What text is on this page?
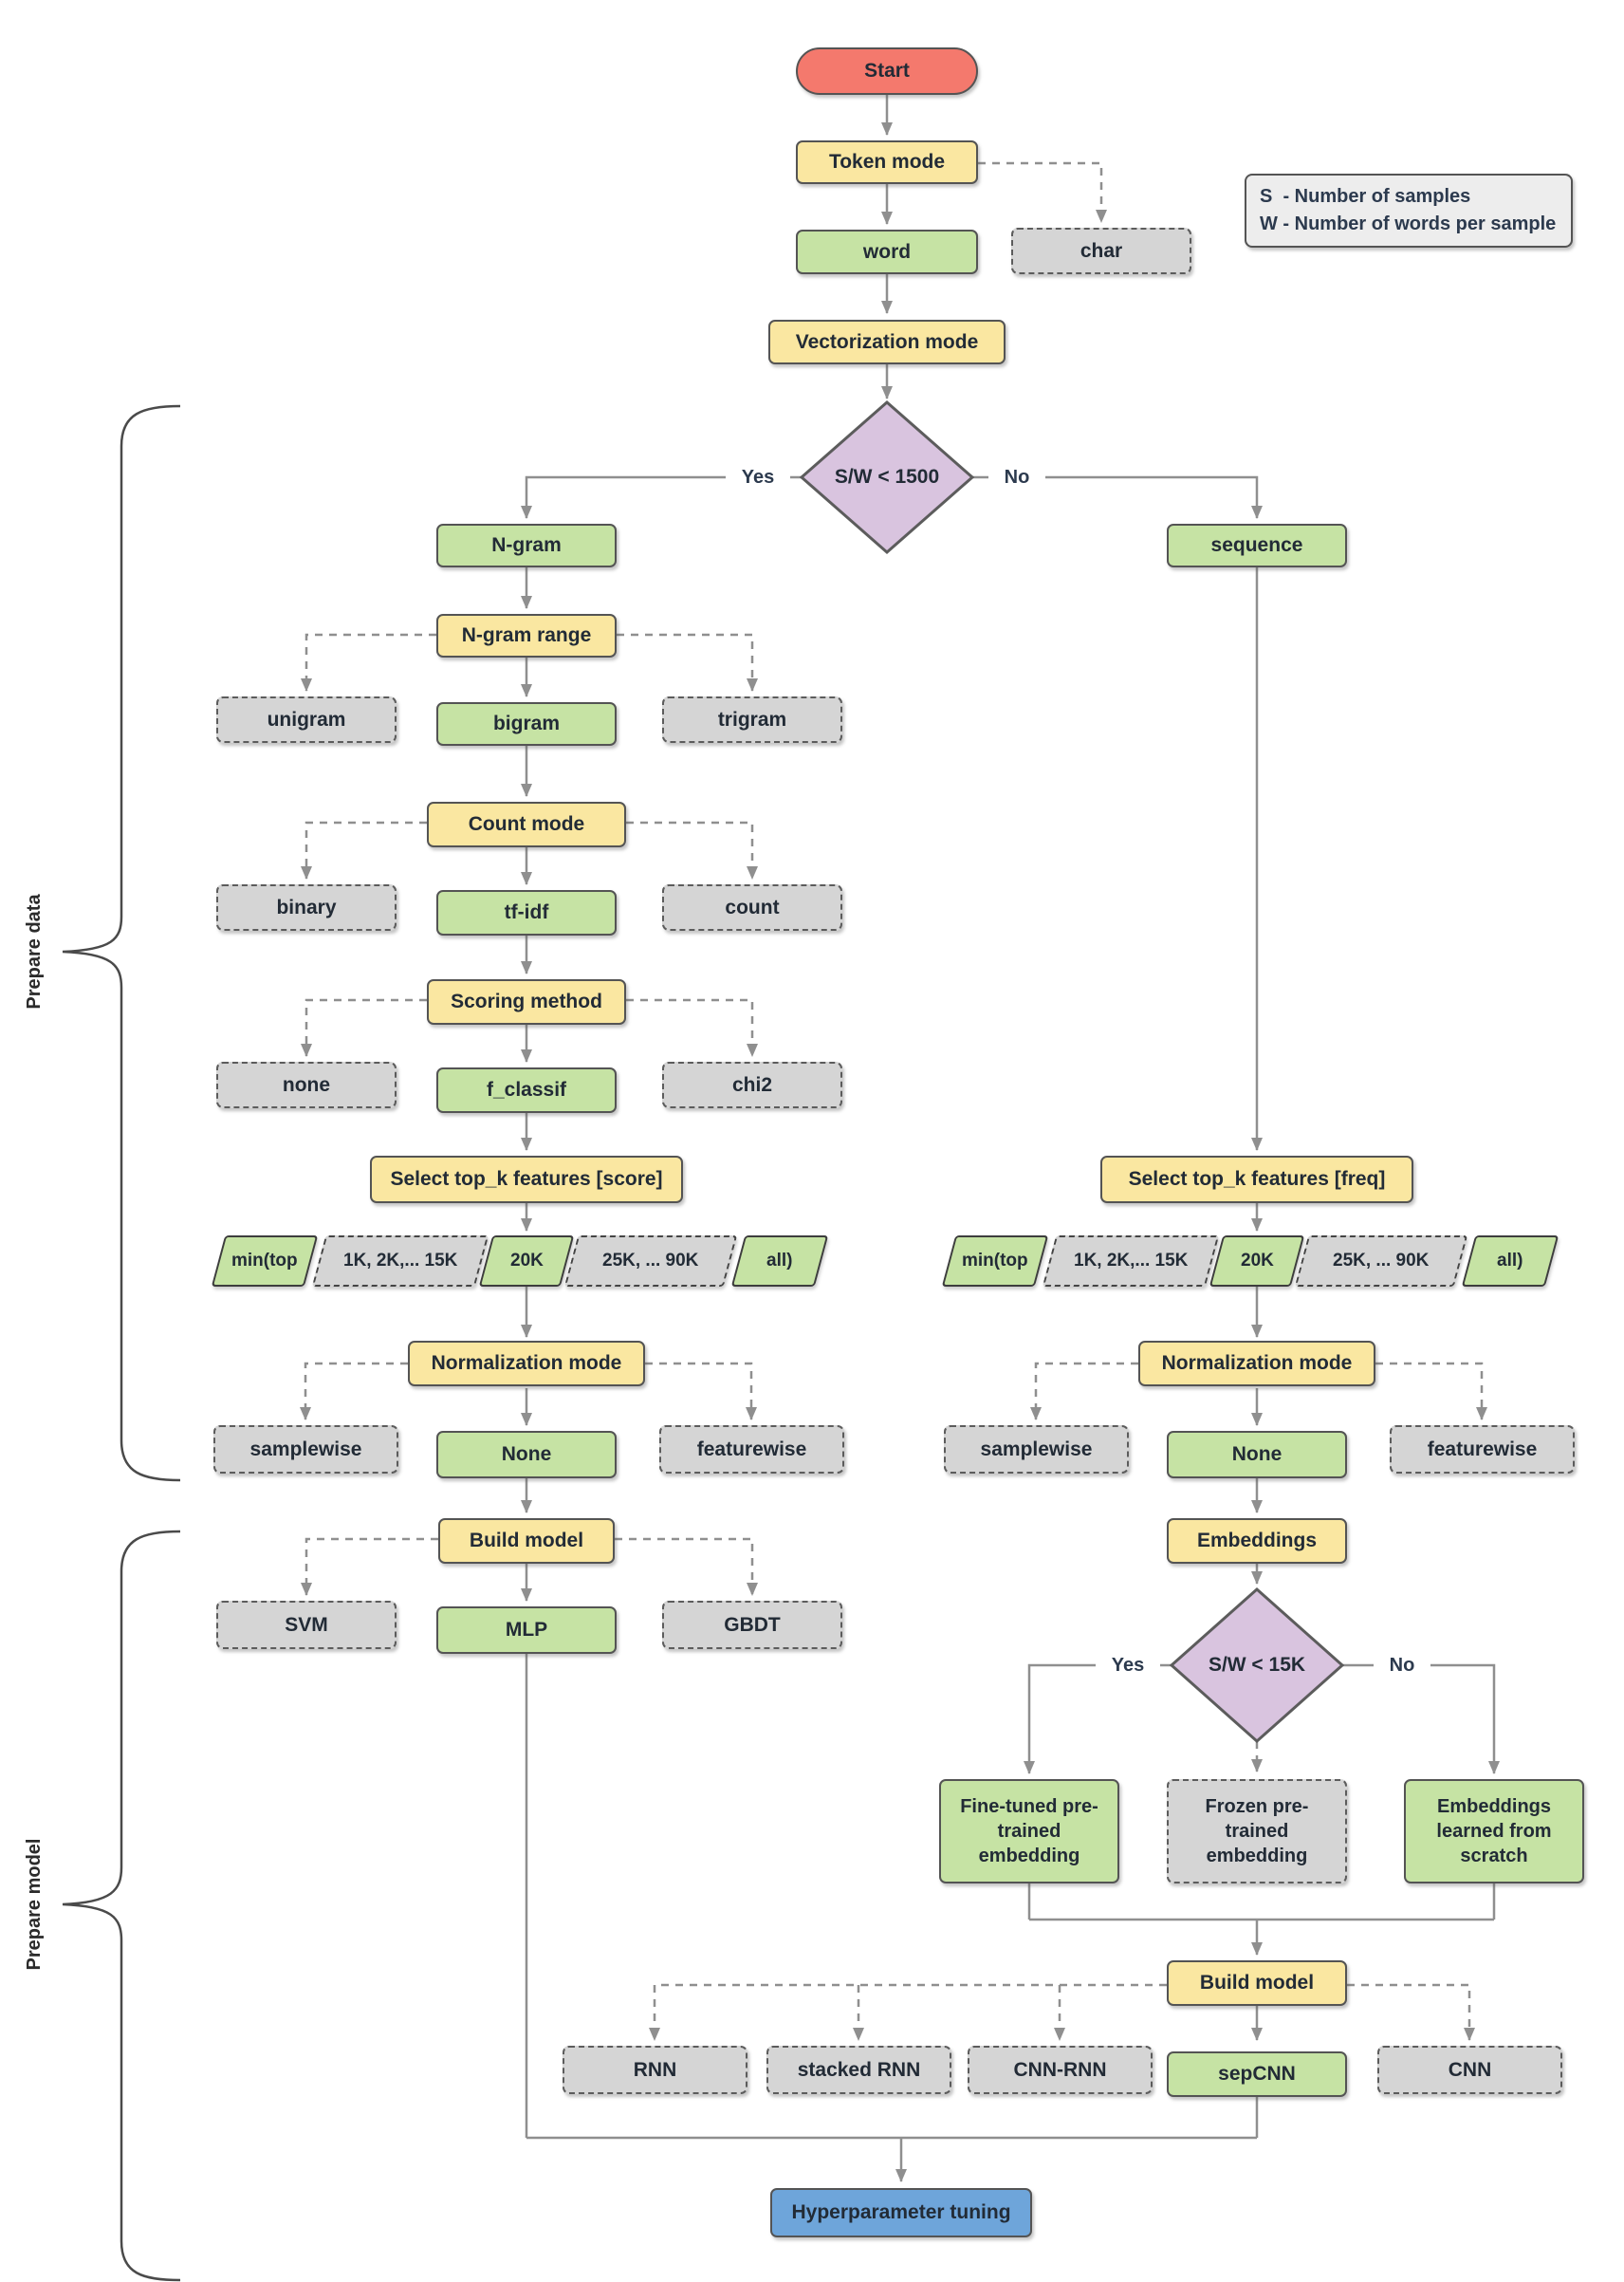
Prepare data
Prepare model
Start
Token mode
word	char
S  - Number of samples
W - Number of words per sample
Vectorization mode
S/W < 1500
Yes	No
N-gram
N-gram range
unigram	bigram	trigram
Count mode
binary	tf-idf	count
Scoring method
none	f_classif	chi2
Select top_k features [score]
min(top	1K, 2K,... 15K	20K	25K, ... 90K	all)
Normalization mode
samplewise	None	featurewise
Build model
SVM	MLP	GBDT
sequence
Select top_k features [freq]
min(top	1K, 2K,... 15K	20K	25K, ... 90K	all)
Normalization mode
samplewise	None	featurewise
Embeddings
S/W < 15K
Yes	No
Fine-tuned pre-trained embedding
Frozen pre-trained embedding
Embeddings learned from scratch
Build model
RNN	stacked RNN	CNN-RNN	sepCNN	CNN
Hyperparameter tuning
